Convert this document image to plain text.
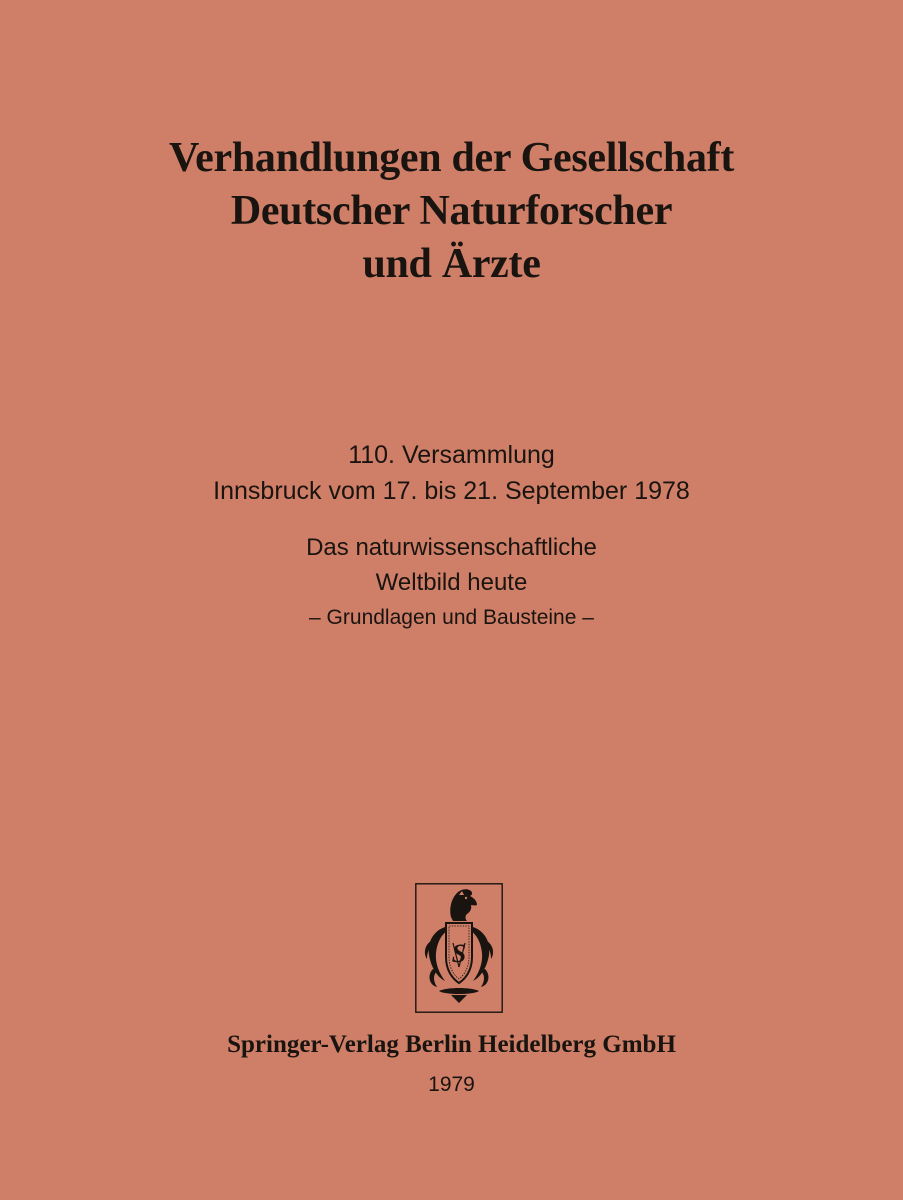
Verhandlungen der Gesellschaft
Deutscher Naturforscher
und Ärzte
110. Versammlung
Innsbruck vom 17. bis 21. September 1978
Das naturwissenschaftliche
Weltbild heute
– Grundlagen und Bausteine –
S
Springer-Verlag Berlin Heidelberg GmbH
1979
